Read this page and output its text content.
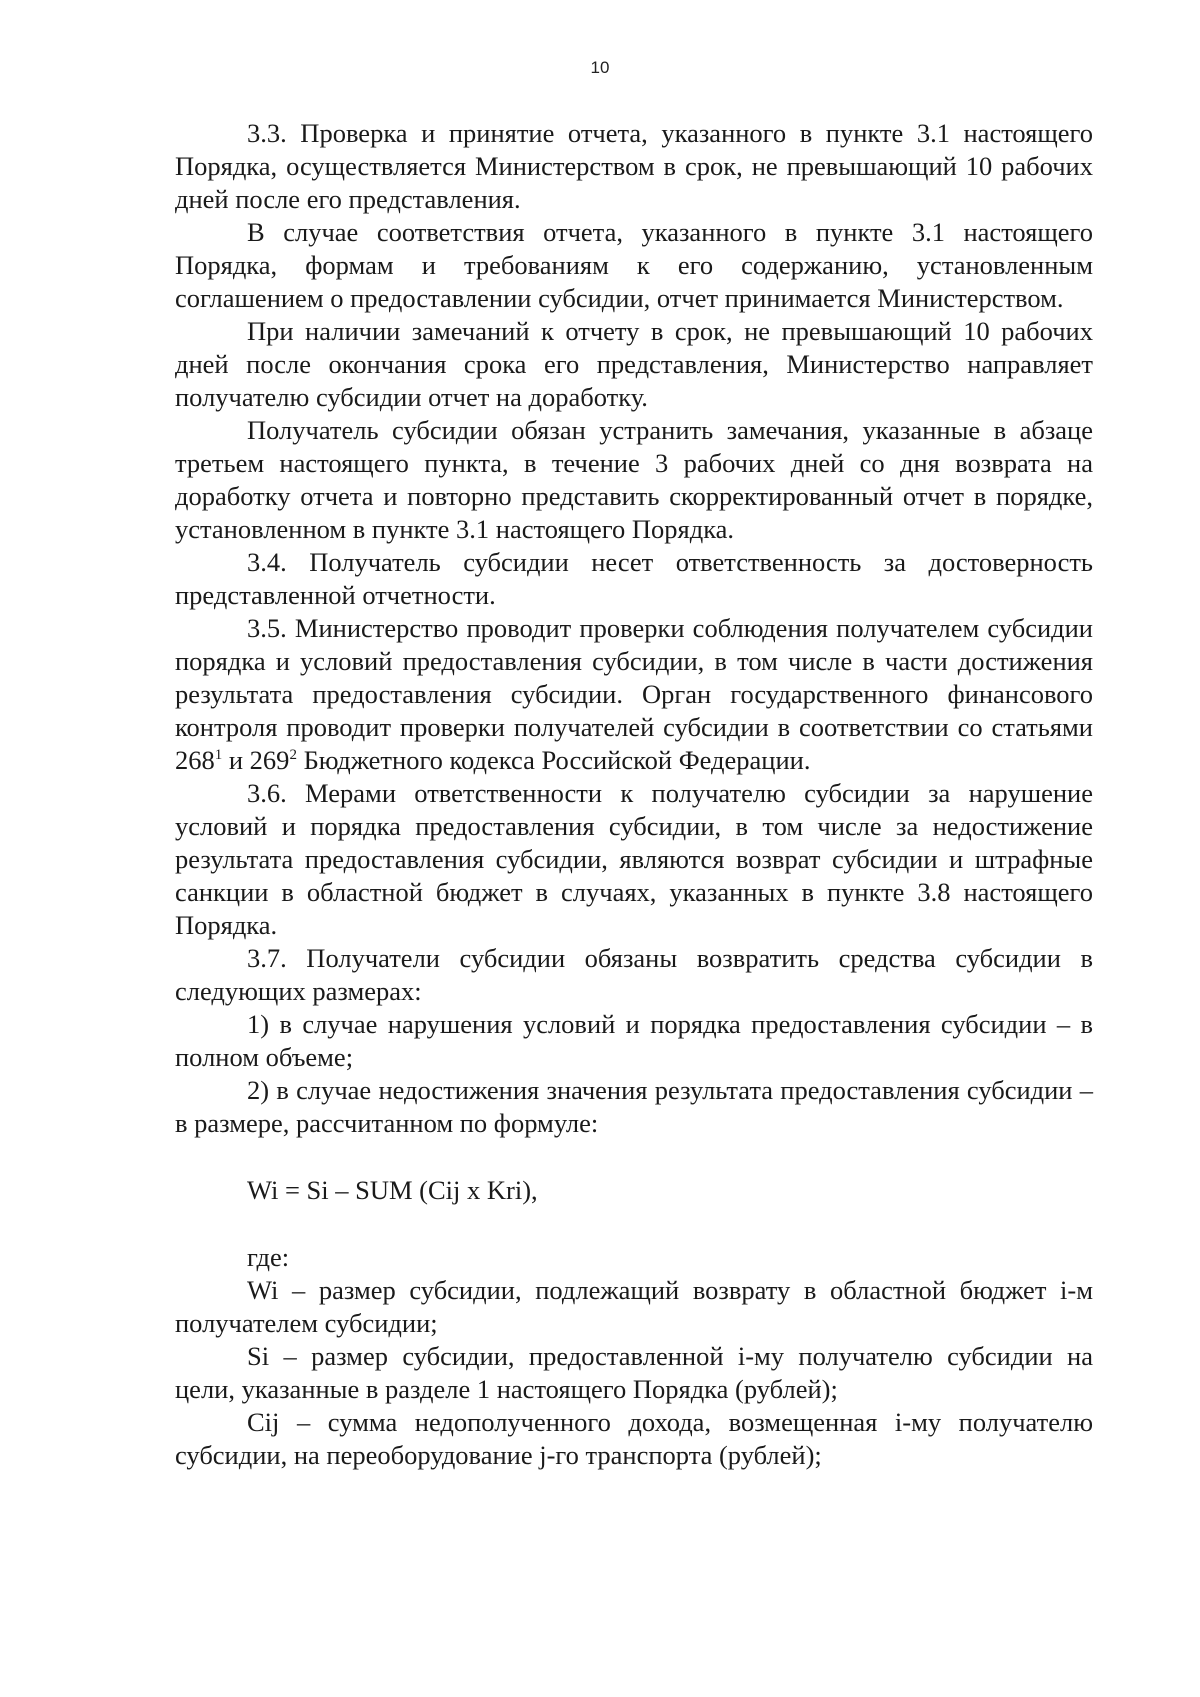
10

3.3. Проверка и принятие отчета, указанного в пункте 3.1 настоящего Порядка, осуществляется Министерством в срок, не превышающий 10 рабочих дней после его представления.

В случае соответствия отчета, указанного в пункте 3.1 настоящего Порядка, формам и требованиям к его содержанию, установленным соглашением о предоставлении субсидии, отчет принимается Министерством.

При наличии замечаний к отчету в срок, не превышающий 10 рабочих дней после окончания срока его представления, Министерство направляет получателю субсидии отчет на доработку.

Получатель субсидии обязан устранить замечания, указанные в абзаце третьем настоящего пункта, в течение 3 рабочих дней со дня возврата на доработку отчета и повторно представить скорректированный отчет в порядке, установленном в пункте 3.1 настоящего Порядка.

3.4. Получатель субсидии несет ответственность за достоверность представленной отчетности.

3.5. Министерство проводит проверки соблюдения получателем субсидии порядка и условий предоставления субсидии, в том числе в части достижения результата предоставления субсидии. Орган государственного финансового контроля проводит проверки получателей субсидии в соответствии со статьями $268^1$ и $269^2$ Бюджетного кодекса Российской Федерации.

3.6. Мерами ответственности к получателю субсидии за нарушение условий и порядка предоставления субсидии, в том числе за недостижение результата предоставления субсидии, являются возврат субсидии и штрафные санкции в областной бюджет в случаях, указанных в пункте 3.8 настоящего Порядка.

3.7. Получатели субсидии обязаны возвратить средства субсидии в следующих размерах:

1) в случае нарушения условий и порядка предоставления субсидии – в полном объеме;

2) в случае недостижения значения результата предоставления субсидии – в размере, рассчитанном по формуле:

Wi = Si – SUM (Cij x Kri),

где:

Wi – размер субсидии, подлежащий возврату в областной бюджет i-м получателем субсидии;

Si – размер субсидии, предоставленной i-му получателю субсидии на цели, указанные в разделе 1 настоящего Порядка (рублей);

Cij – сумма недополученного дохода, возмещенная i-му получателю субсидии, на переоборудование j-го транспорта (рублей);
